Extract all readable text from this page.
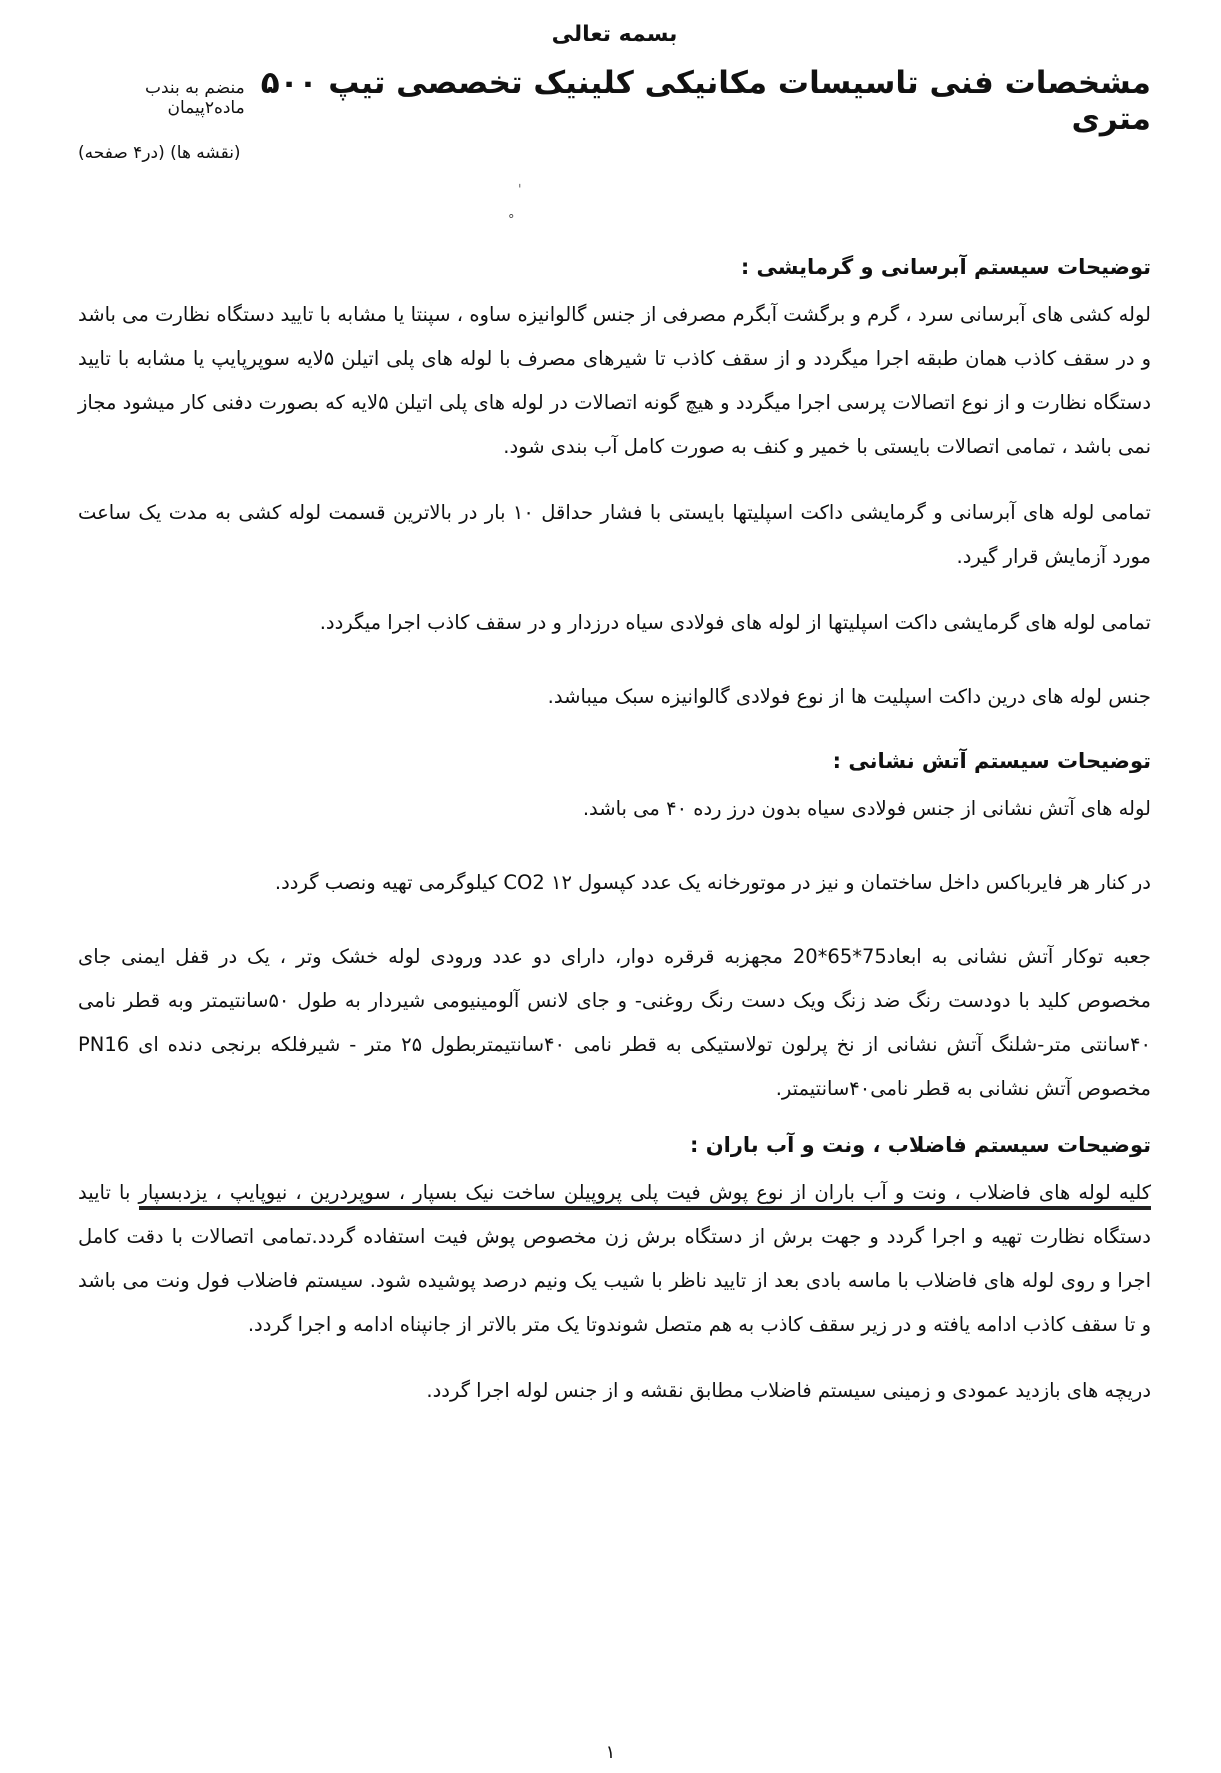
بسمه تعالی
مشخصات فنی تاسیسات مکانیکی کلینیک تخصصی تیپ ۵۰۰ متری
منضم به بندب ماده۲پیمان
(نقشه ها) (در۴ صفحه)
ˈ
°
توضیحات سیستم آبرسانی و گرمایشی :

لوله کشی های آبرسانی سرد ، گرم و برگشت آبگرم مصرفی از جنس گالوانیزه ساوه ، سپنتا یا مشابه با تایید دستگاه نظارت می باشد و در سقف کاذب همان طبقه اجرا میگردد و از سقف کاذب تا شیرهای مصرف با لوله های پلی اتیلن ۵لایه سوپرپایپ یا مشابه با تایید دستگاه نظارت و از نوع اتصالات پرسی اجرا میگردد و هیچ گونه اتصالات در لوله های پلی اتیلن ۵لایه که بصورت دفنی کار میشود مجاز نمی باشد ، تمامی اتصالات بایستی با خمیر و کنف به صورت کامل آب بندی شود.

تمامی لوله های آبرسانی و گرمایشی داکت اسپلیتها بایستی با فشار حداقل ۱۰ بار در بالاترین قسمت لوله کشی به مدت یک ساعت مورد آزمایش قرار گیرد.

تمامی لوله های گرمایشی داکت اسپلیتها از لوله های فولادی سیاه درزدار و در سقف کاذب اجرا میگردد.

جنس لوله های درین داکت اسپلیت ها از نوع فولادی گالوانیزه سبک میباشد.

توضیحات سیستم آتش نشانی :

لوله های آتش نشانی از جنس فولادی سیاه بدون درز رده ۴۰ می باشد.

در کنار هر فایرباکس داخل ساختمان و نیز در موتورخانه یک عدد کپسول CO2 ۱۲ کیلوگرمی تهیه ونصب گردد.

جعبه توکار آتش نشانی به ابعاد20*65*75 مجهزبه قرقره دوار، دارای دو عدد ورودی لوله خشک وتر ، یک در قفل ایمنی جای مخصوص کلید با دودست رنگ ضد زنگ ویک دست رنگ روغنی- و جای لانس آلومینیومی شیردار به طول ۵۰سانتیمتر وبه قطر نامی ۴۰سانتی متر-شلنگ آتش نشانی از نخ پرلون تولاستیکی به قطر نامی ۴۰سانتیمتربطول ۲۵ متر - شیرفلکه برنجی دنده ای PN16 مخصوص آتش نشانی به قطر نامی۴۰سانتیمتر.

توضیحات سیستم فاضلاب ، ونت و آب باران :

کلیه لوله های فاضلاب ، ونت و آب باران از نوع پوش فیت پلی پروپیلن ساخت نیک بسپار ، سوپردرین ، نیوپایپ ، یزدبسپار با تایید دستگاه نظارت تهیه و اجرا گردد و جهت برش از دستگاه برش زن مخصوص پوش فیت استفاده گردد.تمامی اتصالات با دقت کامل اجرا و روی لوله های فاضلاب با ماسه بادی بعد از تایید ناظر با شیب یک ونیم درصد پوشیده شود. سیستم فاضلاب فول ونت می باشد و تا سقف کاذب ادامه یافته و در زیر سقف کاذب به هم متصل شوندوتا یک متر بالاتر از جانپناه ادامه و اجرا گردد.

دریچه های بازدید عمودی و زمینی سیستم فاضلاب مطابق نقشه و از جنس لوله اجرا گردد.

۱
